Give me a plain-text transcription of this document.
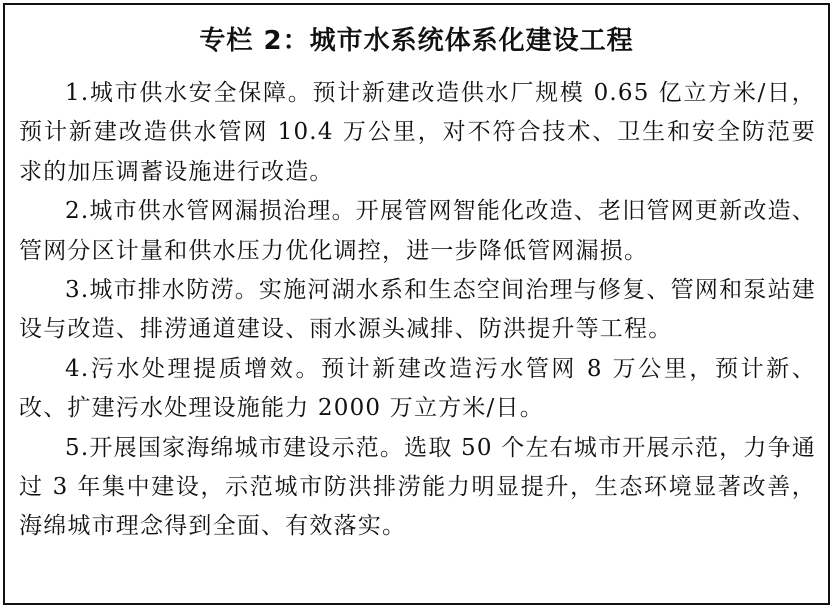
专栏 2：城市水系统体系化建设工程

1.城市供水安全保障。预计新建改造供水厂规模 0.65 亿立方米/日，预计新建改造供水管网 10.4 万公里，对不符合技术、卫生和安全防范要求的加压调蓄设施进行改造。

2.城市供水管网漏损治理。开展管网智能化改造、老旧管网更新改造、管网分区计量和供水压力优化调控，进一步降低管网漏损。

3.城市排水防涝。实施河湖水系和生态空间治理与修复、管网和泵站建设与改造、排涝通道建设、雨水源头减排、防洪提升等工程。

4.污水处理提质增效。预计新建改造污水管网 8 万公里，预计新、改、扩建污水处理设施能力 2000 万立方米/日。

5.开展国家海绵城市建设示范。选取 50 个左右城市开展示范，力争通过 3 年集中建设，示范城市防洪排涝能力明显提升，生态环境显著改善，海绵城市理念得到全面、有效落实。
